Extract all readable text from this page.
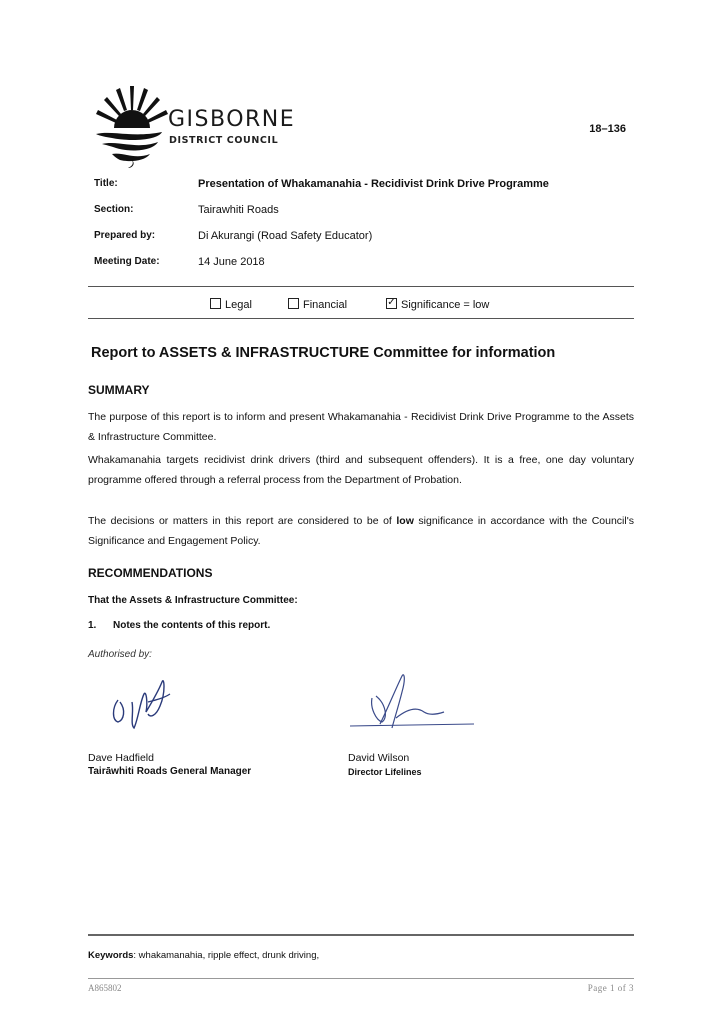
GISBORNE
DISTRICT COUNCIL
18–136
Title:	Presentation of Whakamanahia - Recidivist Drink Drive Programme
Section:	Tairawhiti Roads
Prepared by:	Di Akurangi (Road Safety Educator)
Meeting Date:	14 June 2018
Legal	Financial	✓ Significance = low
Report to ASSETS & INFRASTRUCTURE Committee for information
SUMMARY
The purpose of this report is to inform and present Whakamanahia - Recidivist Drink Drive Programme to the Assets & Infrastructure Committee.
Whakamanahia targets recidivist drink drivers (third and subsequent offenders). It is a free, one day voluntary programme offered through a referral process from the Department of Probation.
The decisions or matters in this report are considered to be of low significance in accordance with the Council's Significance and Engagement Policy.
RECOMMENDATIONS
That the Assets & Infrastructure Committee:
1. Notes the contents of this report.
Authorised by:
Dave Hadfield
Tairāwhiti Roads General Manager
David Wilson
Director Lifelines
Keywords: whakamanahia, ripple effect, drunk driving,
A865802	Page 1 of 3
